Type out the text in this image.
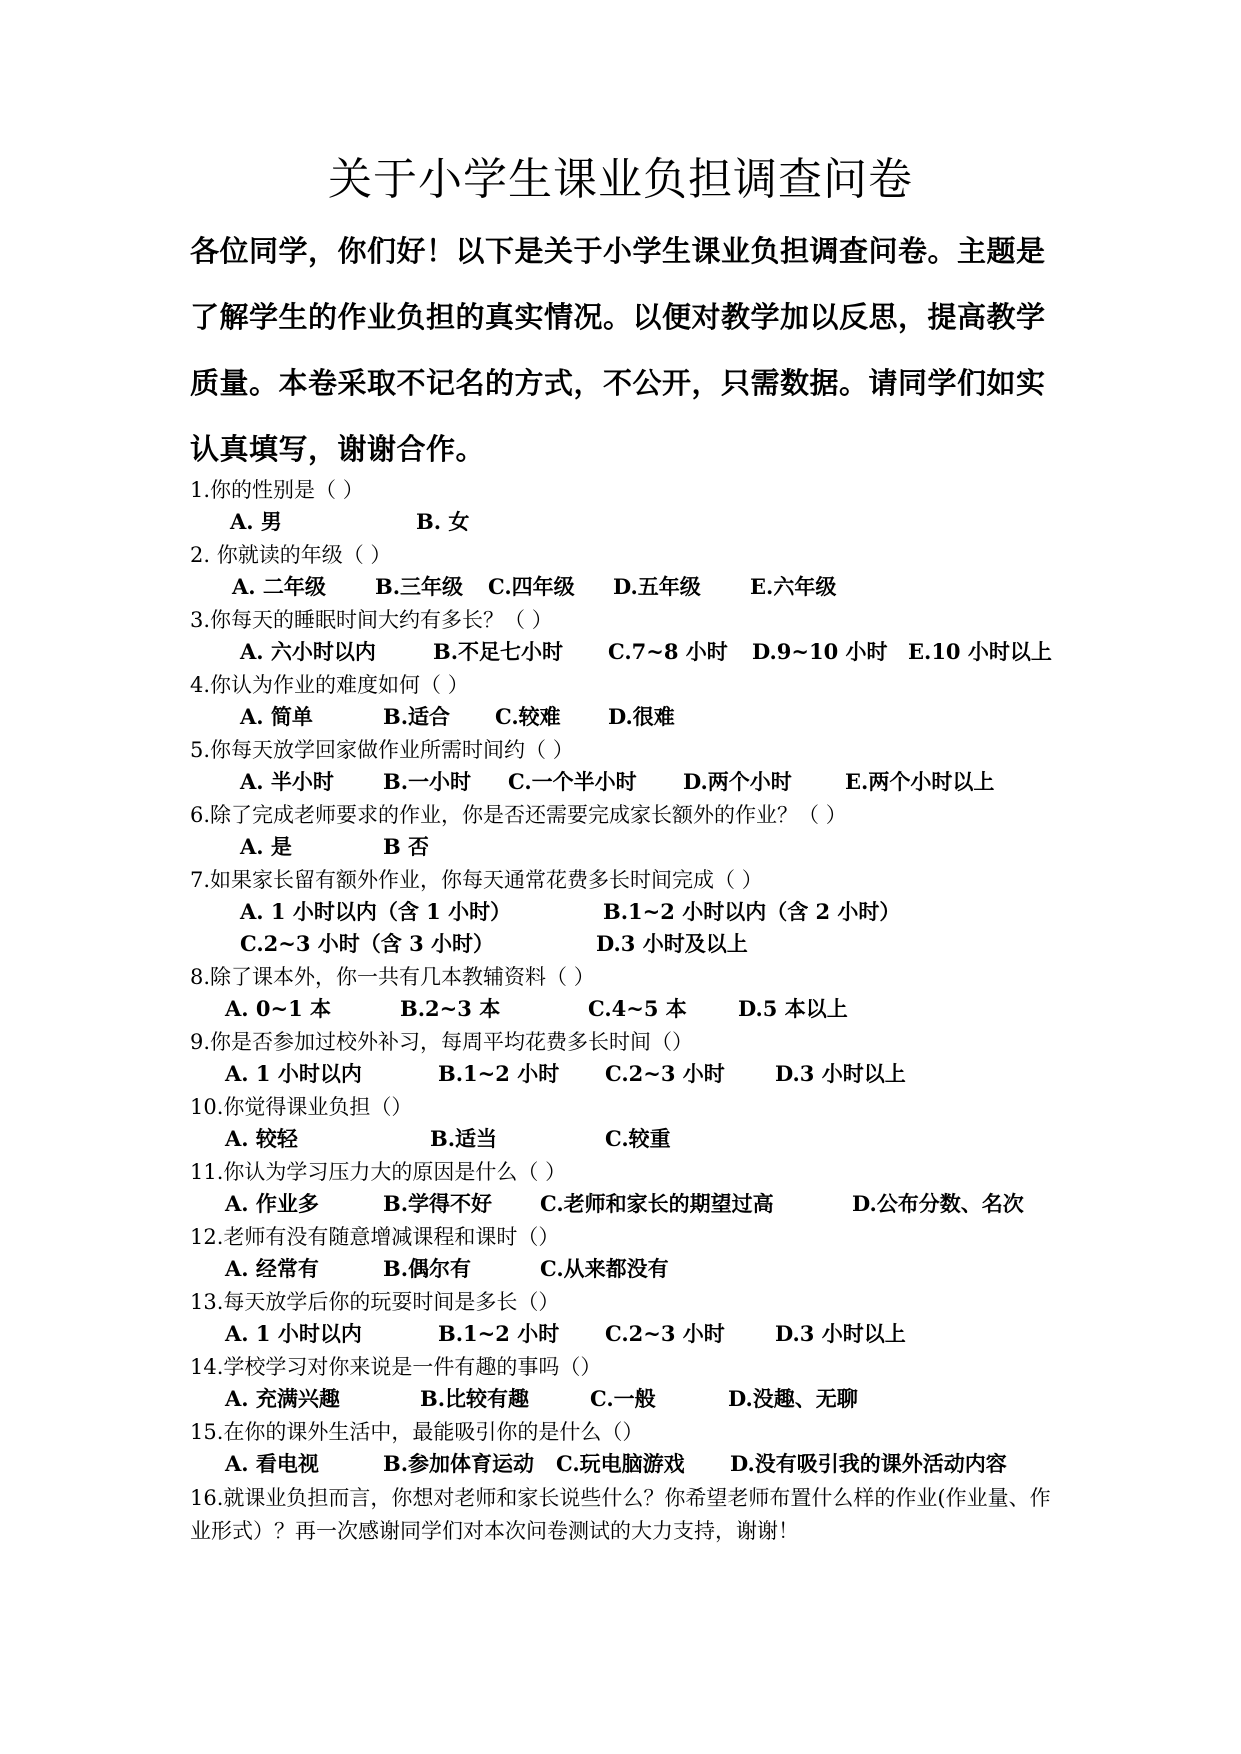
关于小学生课业负担调查问卷

各位同学，你们好！以下是关于小学生课业负担调查问卷。主题是了解学生的作业负担的真实情况。以便对教学加以反思，提高教学质量。本卷采取不记名的方式，不公开，只需数据。请同学们如实认真填写，谢谢合作。

1.你的性别是（ ）
A. 男	B. 女
2. 你就读的年级（ ）
A. 二年级 B.三年级 C.四年级 D.五年级 E.六年级
3.你每天的睡眠时间大约有多长？（ ）
A. 六小时以内	B.不足七小时 C.7~8 小时 D.9~10 小时 E.10 小时以上
4.你认为作业的难度如何（ ）
A. 简单	B.适合 C.较难 D.很难
5.你每天放学回家做作业所需时间约（ ）
A. 半小时 B.一小时 C.一个半小时 D.两个小时	E.两个小时以上
6.除了完成老师要求的作业，你是否还需要完成家长额外的作业？（ ）
A. 是	B 否
7.如果家长留有额外作业，你每天通常花费多长时间完成（ ）
A. 1 小时以内（含 1 小时）	B.1~2 小时以内（含 2 小时）
C.2~3 小时（含 3 小时）	D.3 小时及以上
8.除了课本外，你一共有几本教辅资料（ ）
A. 0~1 本	B.2~3 本	C.4~5 本 D.5 本以上
9.你是否参加过校外补习，每周平均花费多长时间（）
A. 1 小时以内	B.1~2 小时 C.2~3 小时 D.3 小时以上
10.你觉得课业负担（）
A. 较轻	B.适当	C.较重
11.你认为学习压力大的原因是什么（ ）
A. 作业多	B.学得不好 C.老师和家长的期望过高	D.公布分数、名次
12.老师有没有随意增减课程和课时（）
A. 经常有	B.偶尔有	C.从来都没有
13.每天放学后你的玩耍时间是多长（）
A. 1 小时以内	B.1~2 小时 C.2~3 小时 D.3 小时以上
14.学校学习对你来说是一件有趣的事吗（）
A. 充满兴趣	B.比较有趣	C.一般	D.没趣、无聊
15.在你的课外生活中，最能吸引你的是什么（）
A. 看电视	B.参加体育运动 C.玩电脑游戏 D.没有吸引我的课外活动内容

16.就课业负担而言，你想对老师和家长说些什么？你希望老师布置什么样的作业(作业量、作业形式）？再一次感谢同学们对本次问卷测试的大力支持，谢谢！
